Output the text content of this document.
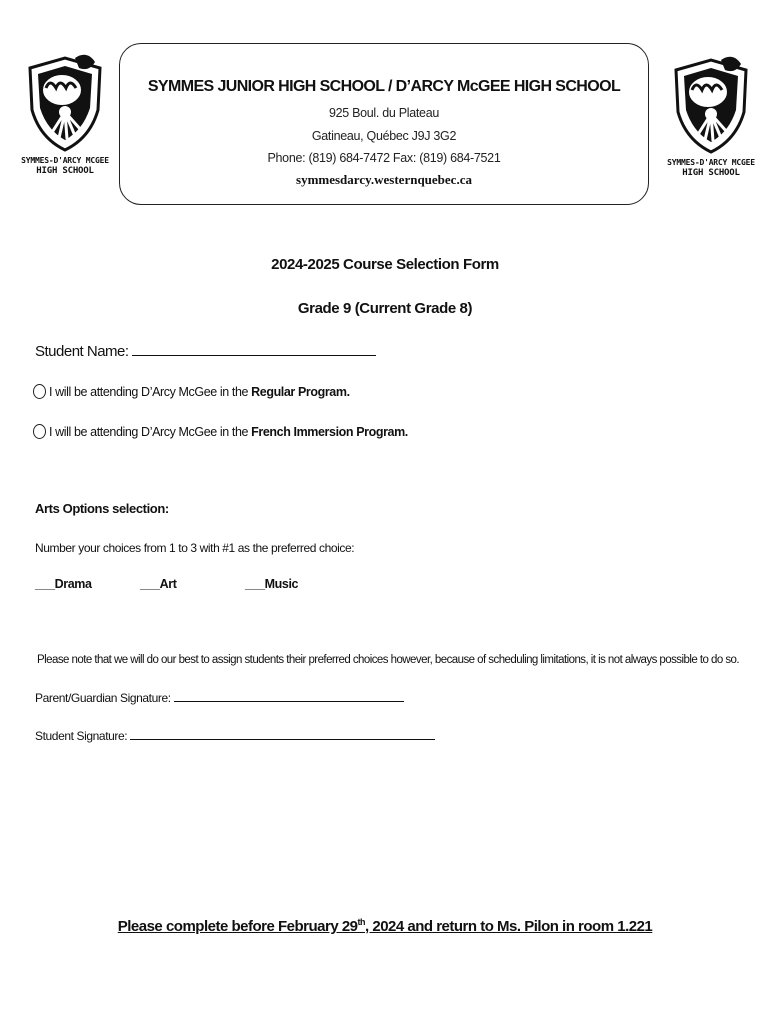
SYMMES-D'ARCY MCGEE
HIGH SCHOOL
SYMMES-D'ARCY MCGEE
HIGH SCHOOL
SYMMES JUNIOR HIGH SCHOOL / D’ARCY McGEE HIGH SCHOOL
925 Boul. du Plateau
Gatineau, Québec J9J 3G2
Phone: (819) 684-7472 Fax: (819) 684-7521
symmesdarcy.westernquebec.ca
2024-2025 Course Selection Form
Grade 9 (Current Grade 8)
Student Name:
I will be attending D’Arcy McGee in the Regular Program.
I will be attending D’Arcy McGee in the French Immersion Program.
Arts Options selection:
Number your choices from 1 to 3 with #1 as the preferred choice:
___Drama	___Art	___Music
Please note that we will do our best to assign students their preferred choices however, because of scheduling limitations, it is not always possible to do so.
Parent/Guardian Signature:
Student Signature:
Please complete before February 29th, 2024 and return to Ms. Pilon in room 1.221
